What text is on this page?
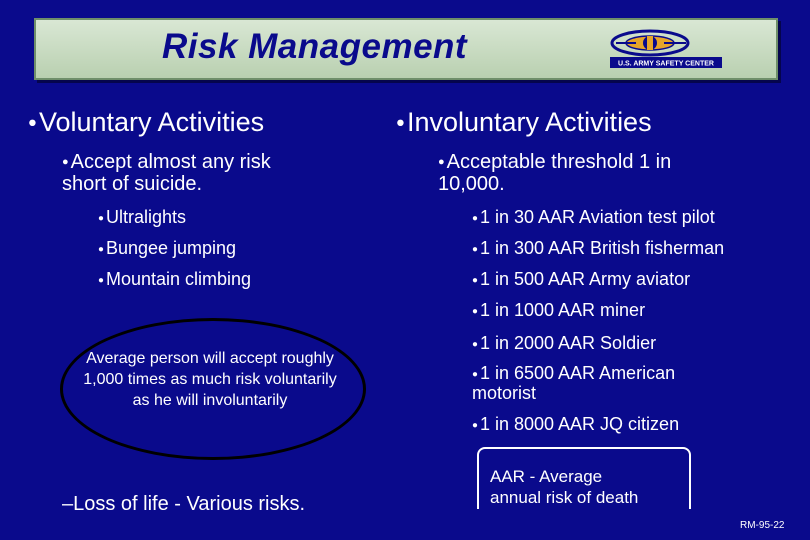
Risk Management	U.S. ARMY SAFETY CENTER
●Voluntary Activities
● Accept almost any risk
short of suicide.
● Ultralights
● Bungee jumping
● Mountain climbing
Average person will accept roughly 1,000 times as much risk voluntarily as he will involuntarily
–Loss of life - Various risks.
●Involuntary Activities
● Acceptable threshold 1 in
10,000.
● 1 in 30 AAR Aviation test pilot
● 1 in 300 AAR British fisherman
● 1 in 500 AAR Army aviator
● 1 in 1000 AAR miner
● 1 in 2000 AAR Soldier
● 1 in 6500 AAR American
motorist
● 1 in 8000 AAR JQ citizen
AAR - Average
annual risk of death
RM-95-22
